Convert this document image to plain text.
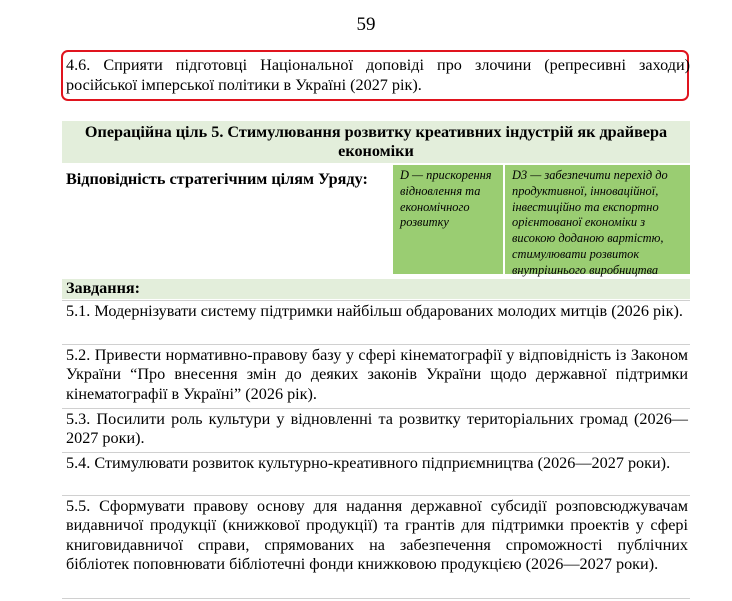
59
4.6. Сприяти підготовці Національної доповіді про злочини (репресивні заходи) російської імперської політики в Україні (2027 рік).
Операційна ціль 5. Стимулювання розвитку креативних індустрій як драйвера економіки
Відповідність стратегічним цілям Уряду:	D — прискорення відновлення та економічного розвитку
D3 — забезпечити перехід до продуктивної, інноваційної, інвестиційно та експортно орієнтованої економіки з високою доданою вартістю, стимулювати розвиток внутрішнього виробництва
Завдання:
5.1. Модернізувати систему підтримки найбільш обдарованих молодих митців (2026 рік).
5.2. Привести нормативно-правову базу у сфері кінематографії у відповідність із Законом України “Про внесення змін до деяких законів України щодо державної підтримки кінематографії в Україні” (2026 рік).
5.3. Посилити роль культури у відновленні та розвитку територіальних громад (2026—2027 роки).
5.4. Стимулювати розвиток культурно-креативного підприємництва (2026—2027 роки).
5.5. Сформувати правову основу для надання державної субсидії розповсюджувачам видавничої продукції (книжкової продукції) та грантів для підтримки проектів у сфері книговидавничої справи, спрямованих на забезпечення спроможності публічних бібліотек поповнювати бібліотечні фонди книжковою продукцією (2026—2027 роки).
